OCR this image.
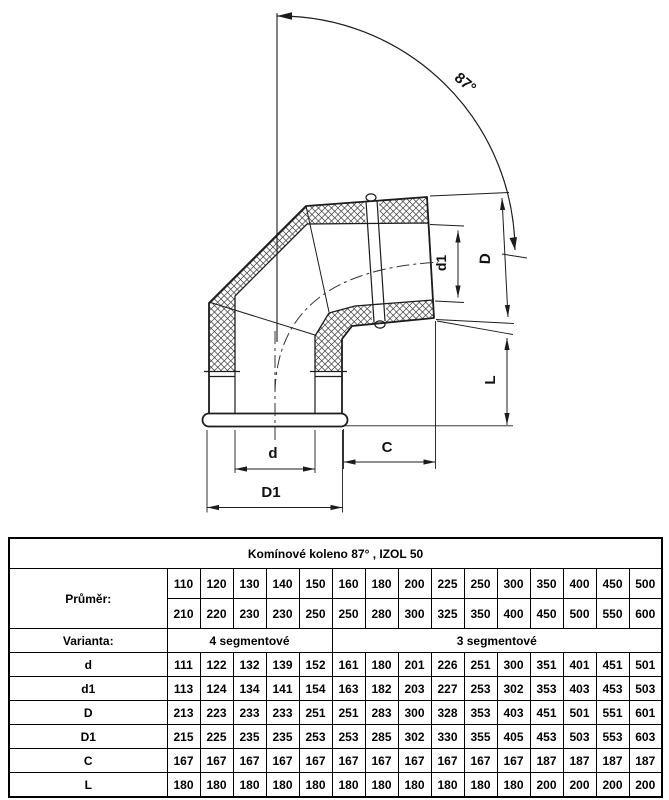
87°
d1 D
L
C
d
D1
Komínové koleno 87° , IZOL 50															
Průměr:	110	120	130	140	150	160	180	200	225	250	300	350	400	450	500
	210	220	230	230	250	250	280	300	325	350	400	450	500	550	600
Varianta:	4 segmentové					3 segmentové									
d	111	122	132	139	152	161	180	201	226	251	300	351	401	451	501
d1	113	124	134	141	154	163	182	203	227	253	302	353	403	453	503
D	213	223	233	233	251	251	283	300	328	353	403	451	501	551	601
D1	215	225	235	235	253	253	285	302	330	355	405	453	503	553	603
C	167	167	167	167	167	167	167	167	167	167	167	187	187	187	187
L	180	180	180	180	180	180	180	180	180	180	180	200	200	200	200
